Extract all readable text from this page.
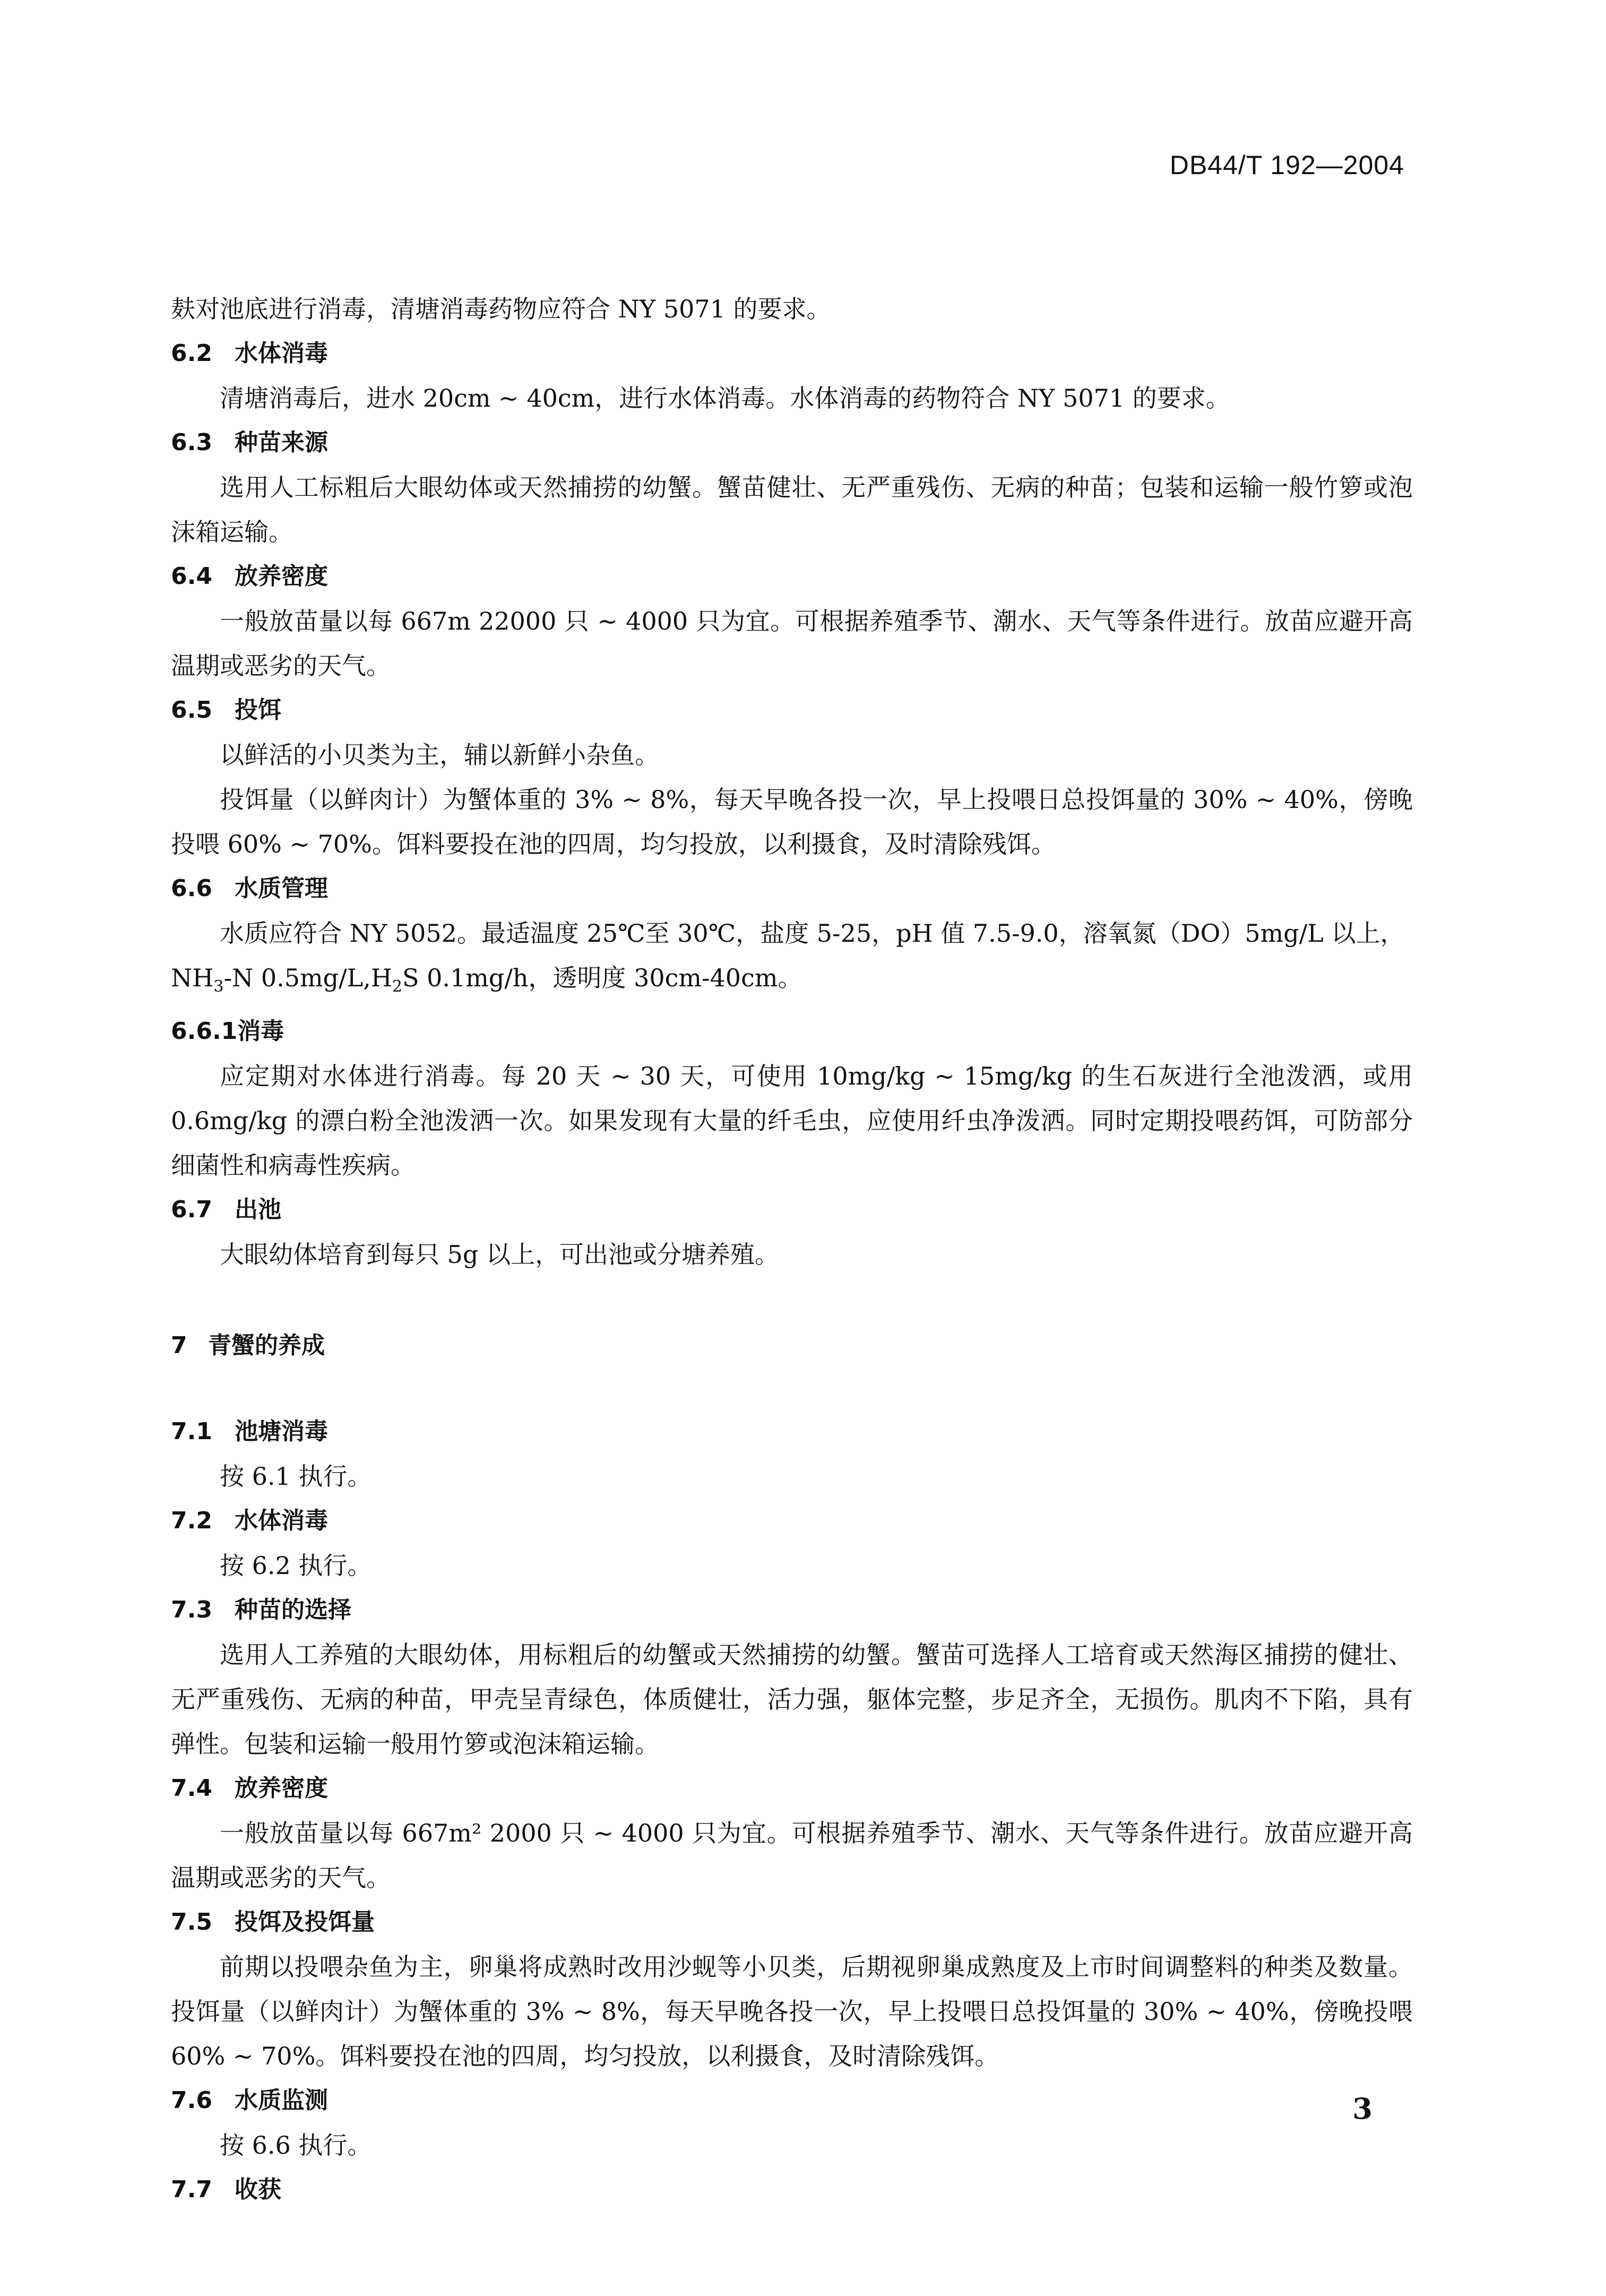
DB44/T 192—2004

麸对池底进行消毒，清塘消毒药物应符合 NY 5071 的要求。

6.2 水体消毒

清塘消毒后，进水 20cm ~ 40cm，进行水体消毒。水体消毒的药物符合 NY 5071 的要求。

6.3 种苗来源

选用人工标粗后大眼幼体或天然捕捞的幼蟹。蟹苗健壮、无严重残伤、无病的种苗；包装和运输一般竹箩或泡沫箱运输。

6.4 放养密度

一般放苗量以每 667m 22000 只 ~ 4000 只为宜。可根据养殖季节、潮水、天气等条件进行。放苗应避开高温期或恶劣的天气。

6.5 投饵

以鲜活的小贝类为主，辅以新鲜小杂鱼。

投饵量（以鲜肉计）为蟹体重的 3% ~ 8%，每天早晚各投一次，早上投喂日总投饵量的 30% ~ 40%，傍晚投喂 60% ~ 70%。饵料要投在池的四周，均匀投放，以利摄食，及时清除残饵。

6.6 水质管理

水质应符合 NY 5052。最适温度 25℃至 30℃，盐度 5-25，pH 值 7.5-9.0，溶氧氮（DO）5mg/L 以上，

$NH_3-N$ $0.5mg/L,H_2S$ 0.1mg/h，透明度 30cm-40cm。

6.6.1消毒

应定期对水体进行消毒。每 20 天 ~ 30 天，可使用 10mg/kg ~ 15mg/kg 的生石灰进行全池泼洒，或用 0.6mg/kg 的漂白粉全池泼洒一次。如果发现有大量的纤毛虫，应使用纤虫净泼洒。同时定期投喂药饵，可防部分细菌性和病毒性疾病。

6.7 出池

大眼幼体培育到每只 5g 以上，可出池或分塘养殖。

7 青蟹的养成
7.1 池塘消毒

按 6.1 执行。

7.2 水体消毒

按 6.2 执行。

7.3 种苗的选择

选用人工养殖的大眼幼体，用标粗后的幼蟹或天然捕捞的幼蟹。蟹苗可选择人工培育或天然海区捕捞的健壮、无严重残伤、无病的种苗，甲壳呈青绿色，体质健壮，活力强，躯体完整，步足齐全，无损伤。肌肉不下陷，具有弹性。包装和运输一般用竹箩或泡沫箱运输。

7.4 放养密度

一般放苗量以每 667m² 2000 只 ~ 4000 只为宜。可根据养殖季节、潮水、天气等条件进行。放苗应避开高温期或恶劣的天气。

7.5 投饵及投饵量

前期以投喂杂鱼为主，卵巢将成熟时改用沙蚬等小贝类，后期视卵巢成熟度及上市时间调整料的种类及数量。投饵量（以鲜肉计）为蟹体重的 3% ~ 8%，每天早晚各投一次，早上投喂日总投饵量的 30% ~ 40%，傍晚投喂 60% ~ 70%。饵料要投在池的四周，均匀投放，以利摄食，及时清除残饵。

7.6 水质监测

按 6.6 执行。

7.7 收获
3
